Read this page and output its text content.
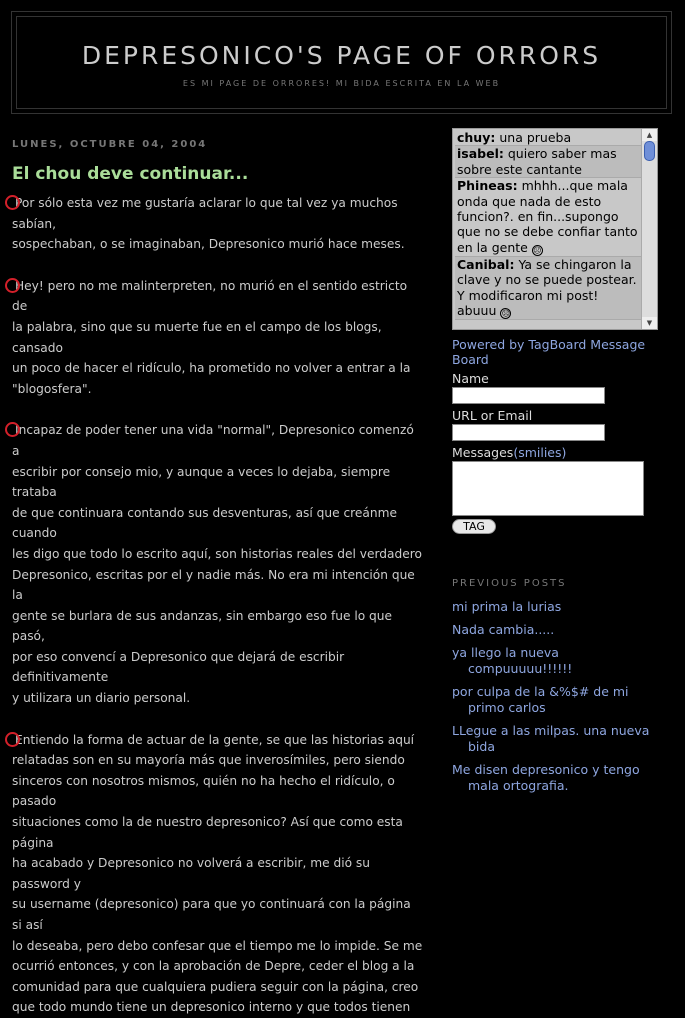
DEPRESONICO'S PAGE OF ORRORS
ES MI PAGE DE ORRORES! MI BIDA ESCRITA EN LA WEB
LUNES, OCTUBRE 04, 2004
El chou deve continuar...

Por sólo esta vez me gustaría aclarar lo que tal vez ya muchos sabían,
sospechaban, o se imaginaban, Depresonico murió hace meses.

Hey! pero no me malinterpreten, no murió en el sentido estricto de
la palabra, sino que su muerte fue en el campo de los blogs, cansado
un poco de hacer el ridículo, ha prometido no volver a entrar a la
"blogosfera".

Incapaz de poder tener una vida "normal", Depresonico comenzó a
escribir por consejo mio, y aunque a veces lo dejaba, siempre trataba
de que continuara contando sus desventuras, así que creánme cuando
les digo que todo lo escrito aquí, son historias reales del verdadero
Depresonico, escritas por el y nadie más. No era mi intención que la
gente se burlara de sus andanzas, sin embargo eso fue lo que pasó,
por eso convencí a Depresonico que dejará de escribir definitivamente
y utilizara un diario personal.

Entiendo la forma de actuar de la gente, se que las historias aquí
relatadas son en su mayoría más que inverosímiles, pero siendo
sinceros con nosotros mismos, quién no ha hecho el ridículo, o pasado
situaciones como la de nuestro depresonico? Así que como esta página
ha acabado y Depresonico no volverá a escribir, me dió su password y
su username (depresonico) para que yo continuará con la página si así
lo deseaba, pero debo confesar que el tiempo me lo impide. Se me
ocurrió entonces, y con la aprobación de Depre, ceder el blog a la
comunidad para que cualquiera pudiera seguir con la página, creo
que todo mundo tiene un depresonico interno y que todos tienen

chuy: una prueba
isabel: quiero saber mas sobre este cantante
Phineas: mhhh...que mala onda que nada de esto funcion?. en fin...supongo que no se debe confiar tanto en la gente ☹
Canibal: Ya se chingaron la clave y no se puede postear. Y modificaron mi post! abuuu ☹
▲
▼
Powered by TagBoard Message Board
Name
URL or Email
Messages(smilies)
TAG
PREVIOUS POSTS
mi prima la lurias
Nada cambia.....
ya llego la nueva compuuuuu!!!!!!
por culpa de la &%$# de mi primo carlos
LLegue a las milpas. una nueva bida
Me disen depresonico y tengo mala ortografia.
